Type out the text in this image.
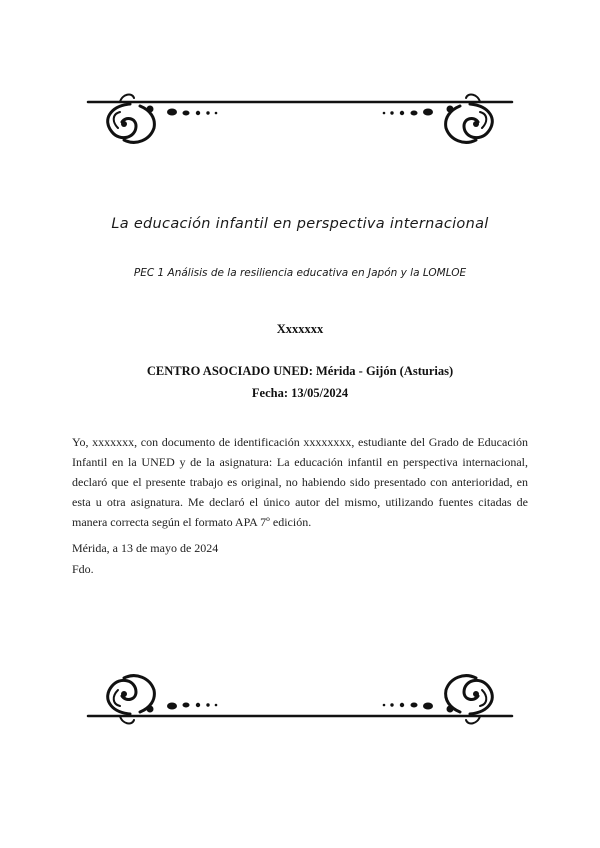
La educación infantil en perspectiva internacional
PEC 1 Análisis de la resiliencia educativa en Japón y la LOMLOE
Xxxxxxx
CENTRO ASOCIADO UNED: Mérida - Gijón (Asturias)
Fecha: 13/05/2024

Yo, xxxxxxx, con documento de identificación xxxxxxxx, estudiante del Grado de Educación Infantil en la UNED y de la asignatura: La educación infantil en perspectiva internacional, declaró que el presente trabajo es original, no habiendo sido presentado con anterioridad, en esta u otra asignatura. Me declaró el único autor del mismo, utilizando fuentes citadas de manera correcta según el formato APA 7º edición.

Mérida, a 13 de mayo de 2024
Fdo.
